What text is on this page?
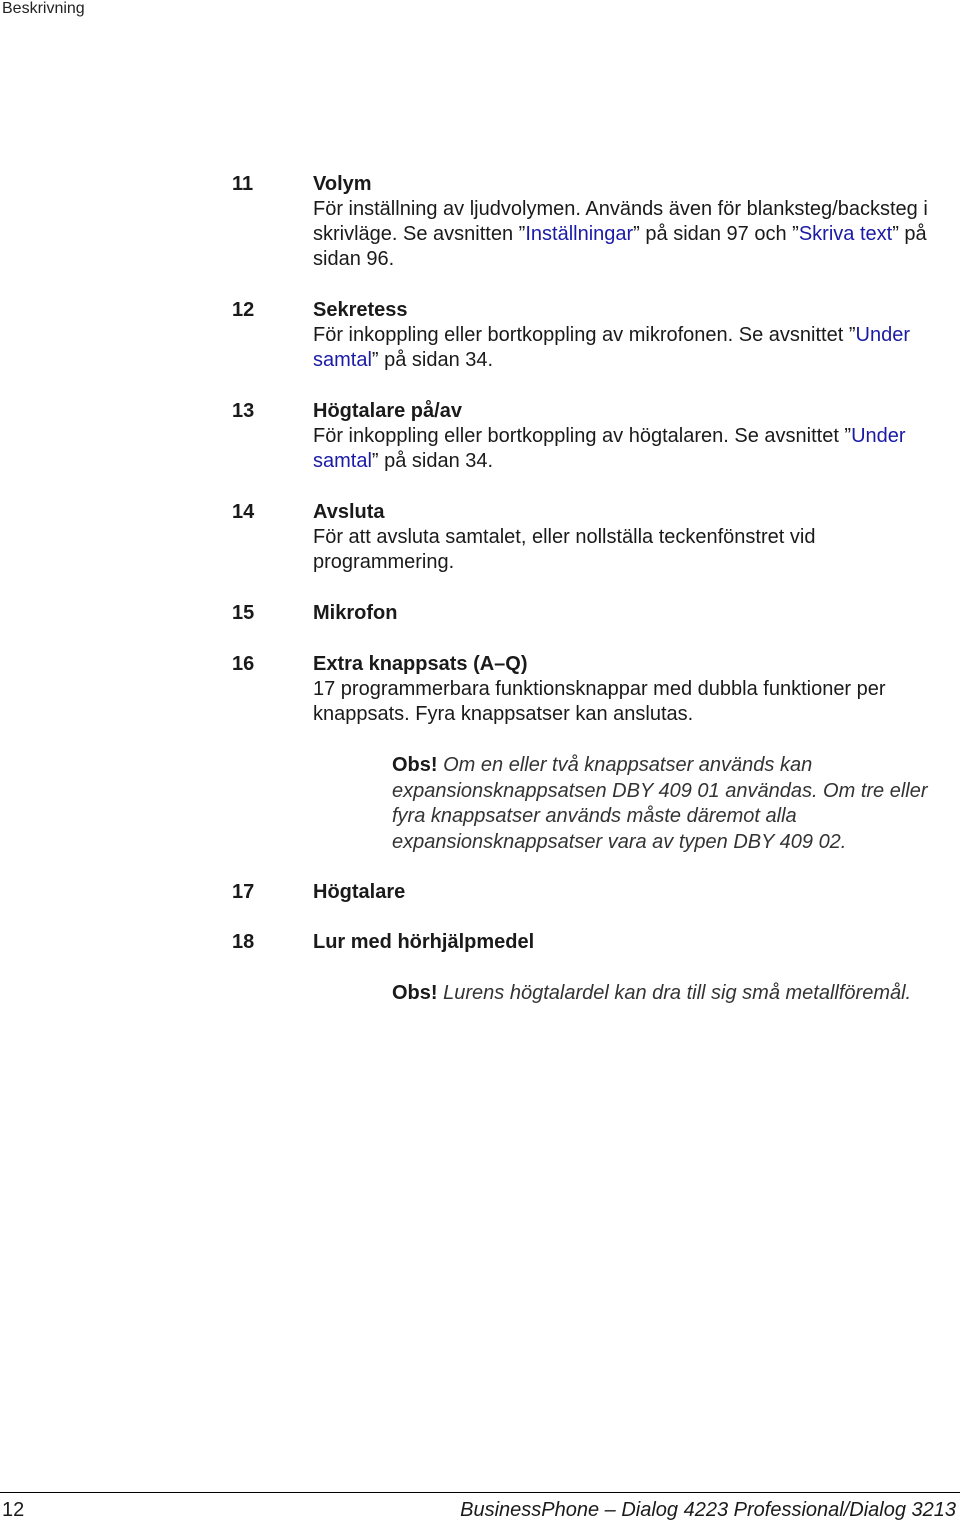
Beskrivning
11	Volym
För inställning av ljudvolymen. Används även för blanksteg/backsteg i skrivläge. Se avsnitten ”Inställningar” på sidan 97 och ”Skriva text” på sidan 96.
12	Sekretess
För inkoppling eller bortkoppling av mikrofonen. Se avsnittet ”Under samtal” på sidan 34.
13	Högtalare på/av
För inkoppling eller bortkoppling av högtalaren. Se avsnittet ”Under samtal” på sidan 34.
14	Avsluta
För att avsluta samtalet, eller nollställa teckenfönstret vid programmering.
15	Mikrofon
16	Extra knappsats (A–Q)
17 programmerbara funktionsknappar med dubbla funktioner per knappsats. Fyra knappsatser kan anslutas.
Obs! Om en eller två knappsatser används kan expansionsknappsatsen DBY 409 01 användas. Om tre eller fyra knappsatser används måste däremot alla expansionsknappsatser vara av typen DBY 409 02.
17	Högtalare
18	Lur med hörhjälpmedel
Obs! Lurens högtalardel kan dra till sig små metallföremål.
12	BusinessPhone – Dialog 4223 Professional/Dialog 3213
